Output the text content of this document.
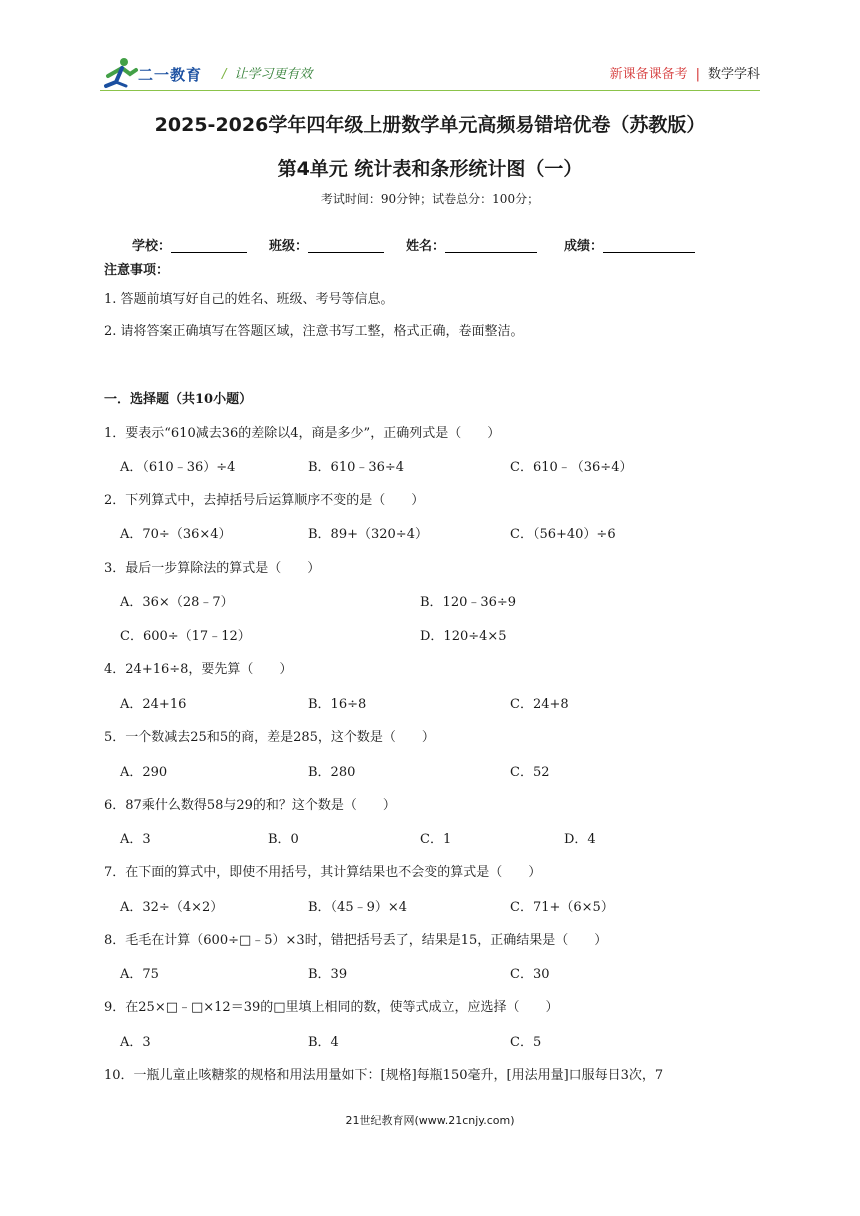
二一教育 / 让学习更有效	新课备课备考 | 数学学科
2025-2026学年四年级上册数学单元高频易错培优卷（苏教版）
第4单元 统计表和条形统计图（一）
考试时间：90分钟；试卷总分：100分；
学校：	班级：	姓名：	成绩：
注意事项：
1. 答题前填写好自己的姓名、班级、考号等信息。
2. 请将答案正确填写在答题区域，注意书写工整，格式正确，卷面整洁。
一．选择题（共10小题）
1．要表示“610减去36的差除以4，商是多少”，正确列式是（　　）
A．（610﹣36）÷4	B．610﹣36÷4	C．610﹣（36÷4）
2．下列算式中，去掉括号后运算顺序不变的是（　　）
A．70÷（36×4）	B．89+（320÷4）	C．（56+40）÷6
3．最后一步算除法的算式是（　　）
A．36×（28﹣7）	B．120﹣36÷9
C．600÷（17﹣12）	D．120÷4×5
4．24+16÷8，要先算（　　）
A．24+16	B．16÷8	C．24+8
5．一个数减去25和5的商，差是285，这个数是（　　）
A．290	B．280	C．52
6．87乘什么数得58与29的和？这个数是（　　）
A．3	B．0	C．1	D．4
7．在下面的算式中，即使不用括号，其计算结果也不会变的算式是（　　）
A．32÷（4×2）	B．（45﹣9）×4	C．71+（6×5）
8．毛毛在计算（600÷□﹣5）×3时，错把括号丢了，结果是15，正确结果是（　　）
A．75	B．39	C．30
9．在25×□﹣□×12＝39的□里填上相同的数，使等式成立，应选择（　　）
A．3	B．4	C．5
10．一瓶儿童止咳糖浆的规格和用法用量如下：[规格]每瓶150毫升，[用法用量]口服每日3次，7
21世纪教育网(www.21cnjy.com)
